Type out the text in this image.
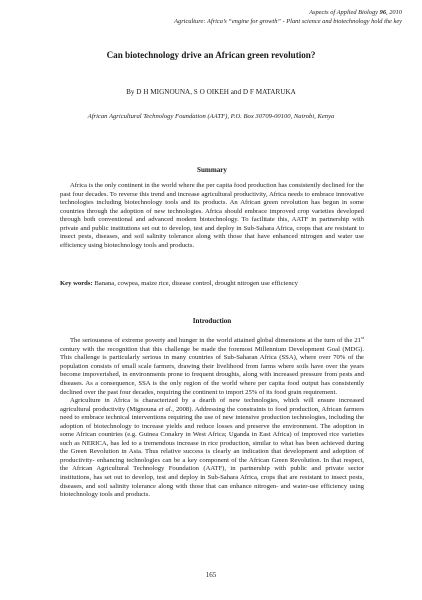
Aspects of Applied Biology 96, 2010
Agriculture: Africa’s “engine for growth” - Plant science and biotechnology hold the key
Can biotechnology drive an African green revolution?
By D H MIGNOUNA, S O OIKEH and D F MATARUKA
African Agricultural Technology Foundation (AATF), P.O. Box 30709-00100, Nairobi, Kenya
Summary

Africa is the only continent in the world where the per capita food production has consistently declined for the past four decades. To reverse this trend and increase agricultural productivity, Africa needs to embrace innovative technologies including biotechnology tools and its products. An African green revolution has begun in some countries through the adoption of new technologies. Africa should embrace improved crop varieties developed through both conventional and advanced modern biotechnology. To facilitate this, AATF in partnership with private and public institutions set out to develop, test and deploy in Sub-Sahara Africa, crops that are resistant to insect pests, diseases, and soil salinity tolerance along with those that have enhanced nitrogen and water use efficiency using biotechnology tools and products.

Key words: Banana, cowpea, maize rice, disease control, drought nitrogen use efficiency

Introduction

The seriousness of extreme poverty and hunger in the world attained global dimensions at the turn of the 21st century with the recognition that this challenge be made the foremost Millennium Development Goal (MDG). This challenge is particularly serious in many countries of Sub-Saharan Africa (SSA), where over 70% of the population consists of small scale farmers, drawing their livelihood from farms where soils have over the years become impoverished, in environments prone to frequent droughts, along with increased pressure from pests and diseases. As a consequence, SSA is the only region of the world where per capita food output has consistently declined over the past four decades, requiring the continent to import 25% of its food grain requirement.

Agriculture in Africa is characterized by a dearth of new technologies, which will ensure increased agricultural productivity (Mignouna et al., 2008). Addressing the constraints to food production, African farmers need to embrace technical interventions requiring the use of new intensive production technologies, including the adoption of biotechnology to increase yields and reduce losses and preserve the environment. The adoption in some African countries (e.g. Guinea Conakry in West Africa; Uganda in East Africa) of improved rice varieties such as NERICA, has led to a tremendous increase in rice production, similar to what has been achieved during the Green Revolution in Asia. Thus relative success is clearly an indication that development and adoption of productivity- enhancing technologies can be a key component of the African Green Revolution. In that respect, the African Agricultural Technology Foundation (AATF), in partnership with public and private sector institutions, has set out to develop, test and deploy in Sub-Sahara Africa, crops that are resistant to insect pests, diseases, and soil salinity tolerance along with those that can enhance nitrogen- and water-use efficiency using biotechnology tools and products.

165
